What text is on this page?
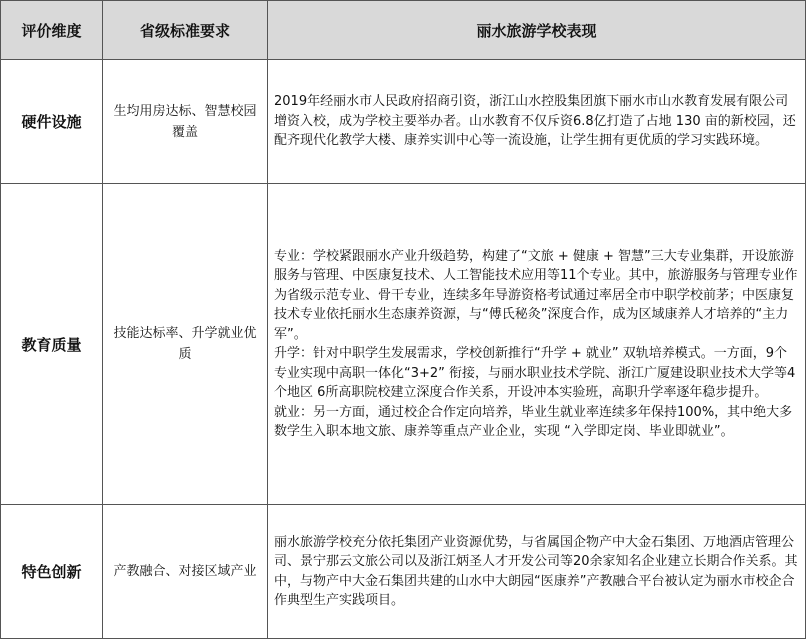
评价维度	省级标准要求	丽水旅游学校表现
硬件设施	生均用房达标、智慧校园覆盖	2019年经丽水市人民政府招商引资，浙江山水控股集团旗下丽水市山水教育发展有限公司增资入校，成为学校主要举办者。山水教育不仅斥资6.8亿打造了占地 130 亩的新校园，还配齐现代化教学大楼、康养实训中心等一流设施，让学生拥有更优质的学习实践环境。

教育质量	技能达标率、升学就业优质	专业：学校紧跟丽水产业升级趋势，构建了“文旅 + 健康 + 智慧”三大专业集群，开设旅游服务与管理、中医康复技术、人工智能技术应用等11个专业。其中，旅游服务与管理专业作为省级示范专业、骨干专业，连续多年导游资格考试通过率居全市中职学校前茅；中医康复技术专业依托丽水生态康养资源，与“傅氏秘灸”深度合作，成为区域康养人才培养的“主力军”。

升学：针对中职学生发展需求，学校创新推行“升学 + 就业” 双轨培养模式。一方面，9个专业实现中高职一体化“3+2” 衔接，与丽水职业技术学院、浙江广厦建设职业技术大学等4个地区 6所高职院校建立深度合作关系，开设冲本实验班，高职升学率逐年稳步提升。

就业：另一方面，通过校企合作定向培养，毕业生就业率连续多年保持100%，其中绝大多数学生入职本地文旅、康养等重点产业企业，实现 “入学即定岗、毕业即就业”。

特色创新	产教融合、对接区域产业	丽水旅游学校充分依托集团产业资源优势，与省属国企物产中大金石集团、万地酒店管理公司、景宁那云文旅公司以及浙江炳圣人才开发公司等20余家知名企业建立长期合作关系。其中，与物产中大金石集团共建的山水中大朗园“医康养”产教融合平台被认定为丽水市校企合作典型生产实践项目。
